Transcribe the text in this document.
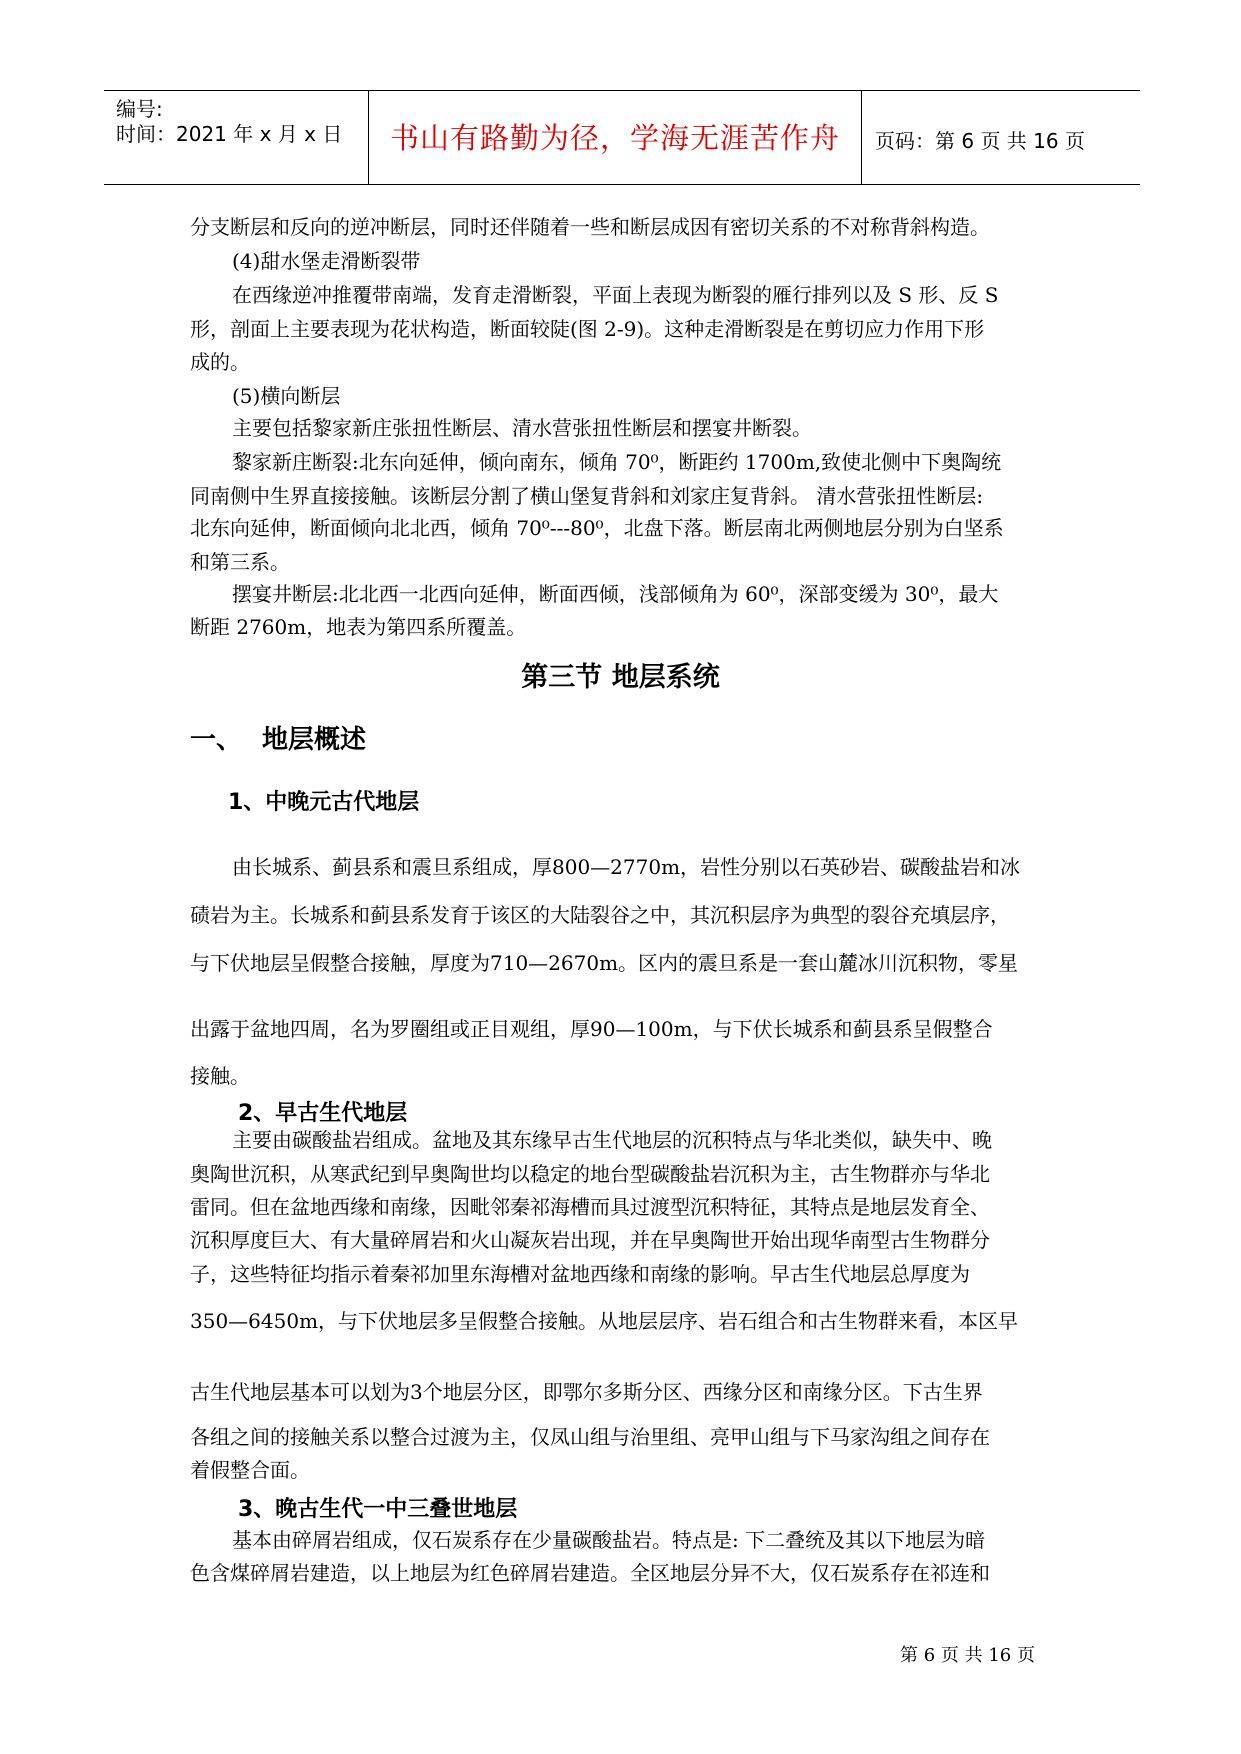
编号:
时间：2021 年 x 月 x 日	书山有路勤为径，学海无涯苦作舟	页码：第 6 页 共 16 页
分支断层和反向的逆冲断层，同时还伴随着一些和断层成因有密切关系的不对称背斜构造。
(4)甜水堡走滑断裂带
在西缘逆冲推覆带南端，发育走滑断裂，平面上表现为断裂的雁行排列以及 S 形、反 S
形，剖面上主要表现为花状构造，断面较陡(图 2-9)。这种走滑断裂是在剪切应力作用下形
成的。
(5)横向断层
主要包括黎家新庄张扭性断层、清水营张扭性断层和摆宴井断裂。
黎家新庄断裂:北东向延伸，倾向南东，倾角 70⁰，断距约 1700m,致使北侧中下奥陶统
同南侧中生界直接接触。该断层分割了横山堡复背斜和刘家庄复背斜。 清水营张扭性断层:
北东向延伸，断面倾向北北西，倾角 70⁰---80⁰，北盘下落。断层南北两侧地层分别为白坚系
和第三系。
摆宴井断层:北北西一北西向延伸，断面西倾，浅部倾角为 60⁰，深部变缓为 30⁰，最大
断距 2760m，地表为第四系所覆盖。
第三节 地层系统
一、 地层概述
1、中晚元古代地层
由长城系、蓟县系和震旦系组成，厚800—2770m，岩性分别以石英砂岩、碳酸盐岩和冰
碛岩为主。长城系和蓟县系发育于该区的大陆裂谷之中，其沉积层序为典型的裂谷充填层序，
与下伏地层呈假整合接触，厚度为710—2670m。区内的震旦系是一套山麓冰川沉积物，零星
出露于盆地四周，名为罗圈组或正目观组，厚90—100m，与下伏长城系和蓟县系呈假整合
接触。
2、早古生代地层
主要由碳酸盐岩组成。盆地及其东缘早古生代地层的沉积特点与华北类似，缺失中、晚
奥陶世沉积，从寒武纪到早奥陶世均以稳定的地台型碳酸盐岩沉积为主，古生物群亦与华北
雷同。但在盆地西缘和南缘，因毗邻秦祁海槽而具过渡型沉积特征，其特点是地层发育全、
沉积厚度巨大、有大量碎屑岩和火山凝灰岩出现，并在早奥陶世开始出现华南型古生物群分
子，这些特征均指示着秦祁加里东海槽对盆地西缘和南缘的影响。早古生代地层总厚度为
350—6450m，与下伏地层多呈假整合接触。从地层层序、岩石组合和古生物群来看，本区早
古生代地层基本可以划为3个地层分区，即鄂尔多斯分区、西缘分区和南缘分区。下古生界
各组之间的接触关系以整合过渡为主，仅凤山组与治里组、亮甲山组与下马家沟组之间存在
着假整合面。
3、晚古生代一中三叠世地层
基本由碎屑岩组成，仅石炭系存在少量碳酸盐岩。特点是: 下二叠统及其以下地层为暗
色含煤碎屑岩建造，以上地层为红色碎屑岩建造。全区地层分异不大，仅石炭系存在祁连和
第 6 页 共 16 页
